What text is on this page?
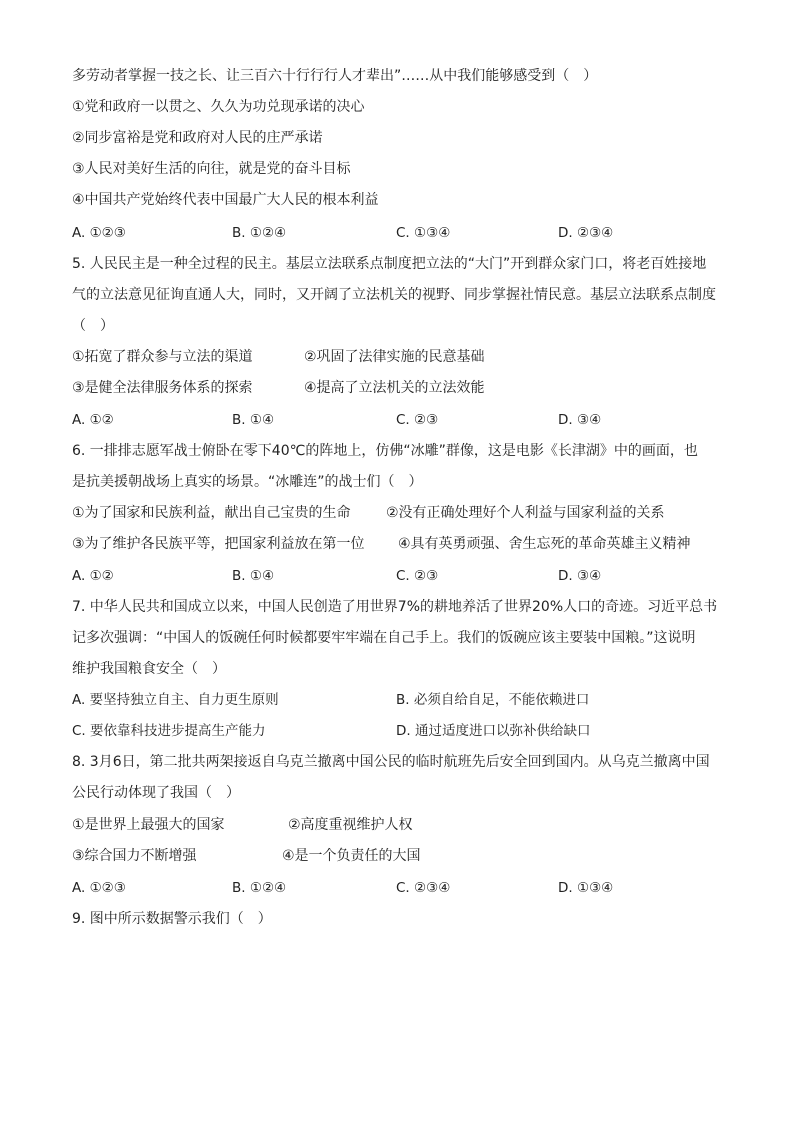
多劳动者掌握一技之长、让三百六十行行行人才辈出”……从中我们能够感受到（　）
①党和政府一以贯之、久久为功兑现承诺的决心
②同步富裕是党和政府对人民的庄严承诺
③人民对美好生活的向往，就是党的奋斗目标
④中国共产党始终代表中国最广大人民的根本利益
A. ①②③	B. ①②④	C. ①③④	D. ②③④
5. 人民民主是一种全过程的民主。基层立法联系点制度把立法的“大门”开到群众家门口，将老百姓接地
气的立法意见征询直通人大，同时，又开阔了立法机关的视野、同步掌握社情民意。基层立法联系点制度
（　）
①拓宽了群众参与立法的渠道	②巩固了法律实施的民意基础
③是健全法律服务体系的探索	④提高了立法机关的立法效能
A. ①②	B. ①④	C. ②③	D. ③④
6. 一排排志愿军战士俯卧在零下40℃的阵地上，仿佛“冰雕”群像，这是电影《长津湖》中的画面，也
是抗美援朝战场上真实的场景。“冰雕连”的战士们（　）
①为了国家和民族利益，献出自己宝贵的生命	②没有正确处理好个人利益与国家利益的关系
③为了维护各民族平等，把国家利益放在第一位 ④具有英勇顽强、舍生忘死的革命英雄主义精神
A. ①②	B. ①④	C. ②③	D. ③④
7. 中华人民共和国成立以来，中国人民创造了用世界7%的耕地养活了世界20%人口的奇迹。习近平总书
记多次强调：“中国人的饭碗任何时候都要牢牢端在自己手上。我们的饭碗应该主要装中国粮。”这说明
维护我国粮食安全（　）
A. 要坚持独立自主、自力更生原则	B. 必须自给自足，不能依赖进口
C. 要依靠科技进步提高生产能力	D. 通过适度进口以弥补供给缺口
8. 3月6日，第二批共两架接返自乌克兰撤离中国公民的临时航班先后安全回到国内。从乌克兰撤离中国
公民行动体现了我国（　）
①是世界上最强大的国家	②高度重视维护人权
③综合国力不断增强	④是一个负责任的大国
A. ①②③	B. ①②④	C. ②③④	D. ①③④
9. 图中所示数据警示我们（　）
